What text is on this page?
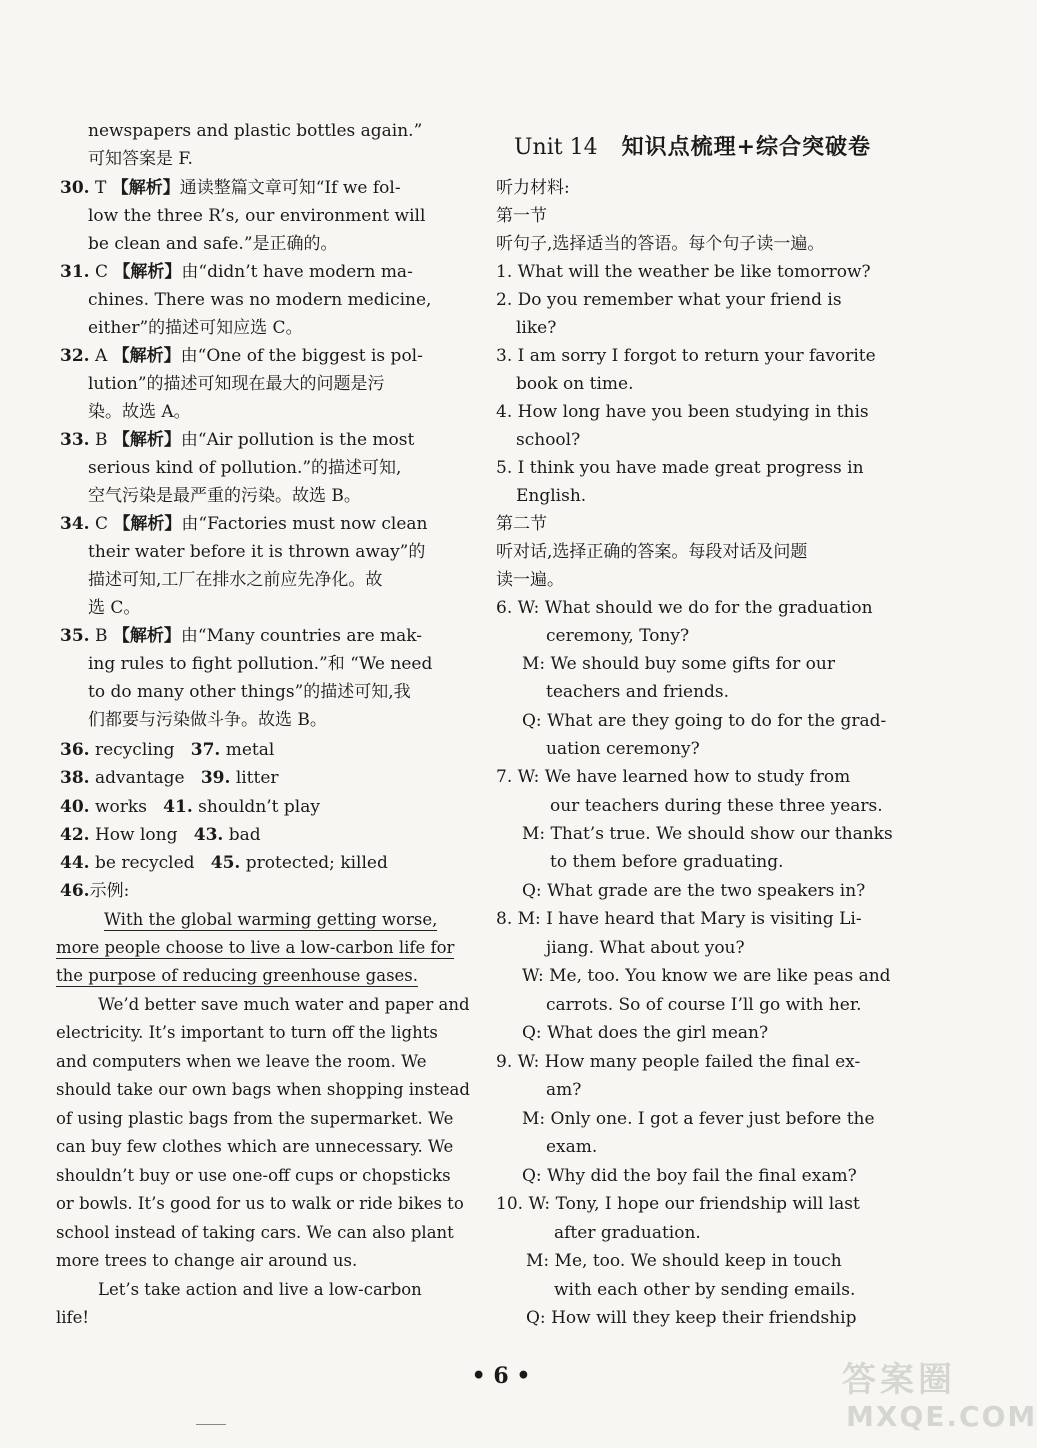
newspapers and plastic bottles again.”
可知答案是 F.
30. T 【解析】通读整篇文章可知“If we fol-
low the three R’s, our environment will
be clean and safe.”是正确的。
31. C 【解析】由“didn’t have modern ma-
chines. There was no modern medicine,
either”的描述可知应选 C。
32. A 【解析】由“One of the biggest is pol-
lution”的描述可知现在最大的问题是污
染。故选 A。
33. B 【解析】由“Air pollution is the most
serious kind of pollution.”的描述可知,
空气污染是最严重的污染。故选 B。
34. C 【解析】由“Factories must now clean
their water before it is thrown away”的
描述可知,工厂在排水之前应先净化。故
选 C。
35. B 【解析】由“Many countries are mak-
ing rules to fight pollution.”和 “We need
to do many other things”的描述可知,我
们都要与污染做斗争。故选 B。
36. recycling 37. metal
38. advantage 39. litter
40. works 41. shouldn’t play
42. How long 43. bad
44. be recycled 45. protected; killed
46.示例:
With the global warming getting worse,
more people choose to live a low-carbon life for
the purpose of reducing greenhouse gases.
We’d better save much water and paper and
electricity. It’s important to turn off the lights
and computers when we leave the room. We
should take our own bags when shopping instead
of using plastic bags from the supermarket. We
can buy few clothes which are unnecessary. We
shouldn’t buy or use one-off cups or chopsticks
or bowls. It’s good for us to walk or ride bikes to
school instead of taking cars. We can also plant
more trees to change air around us.
Let’s take action and live a low-carbon
life!
Unit 14 知识点梳理+综合突破卷
听力材料:
第一节
听句子,选择适当的答语。每个句子读一遍。
1. What will the weather be like tomorrow?
2. Do you remember what your friend is
like?
3. I am sorry I forgot to return your favorite
book on time.
4. How long have you been studying in this
school?
5. I think you have made great progress in
English.
第二节
听对话,选择正确的答案。每段对话及问题
读一遍。
6. W: What should we do for the graduation
ceremony, Tony?
M: We should buy some gifts for our
teachers and friends.
Q: What are they going to do for the grad-
uation ceremony?
7. W: We have learned how to study from
our teachers during these three years.
M: That’s true. We should show our thanks
to them before graduating.
Q: What grade are the two speakers in?
8. M: I have heard that Mary is visiting Li-
jiang. What about you?
W: Me, too. You know we are like peas and
carrots. So of course I’ll go with her.
Q: What does the girl mean?
9. W: How many people failed the final ex-
am?
M: Only one. I got a fever just before the
exam.
Q: Why did the boy fail the final exam?
10. W: Tony, I hope our friendship will last
after graduation.
M: Me, too. We should keep in touch
with each other by sending emails.
Q: How will they keep their friendship
• 6 •	答案圈
MXQE.COM
